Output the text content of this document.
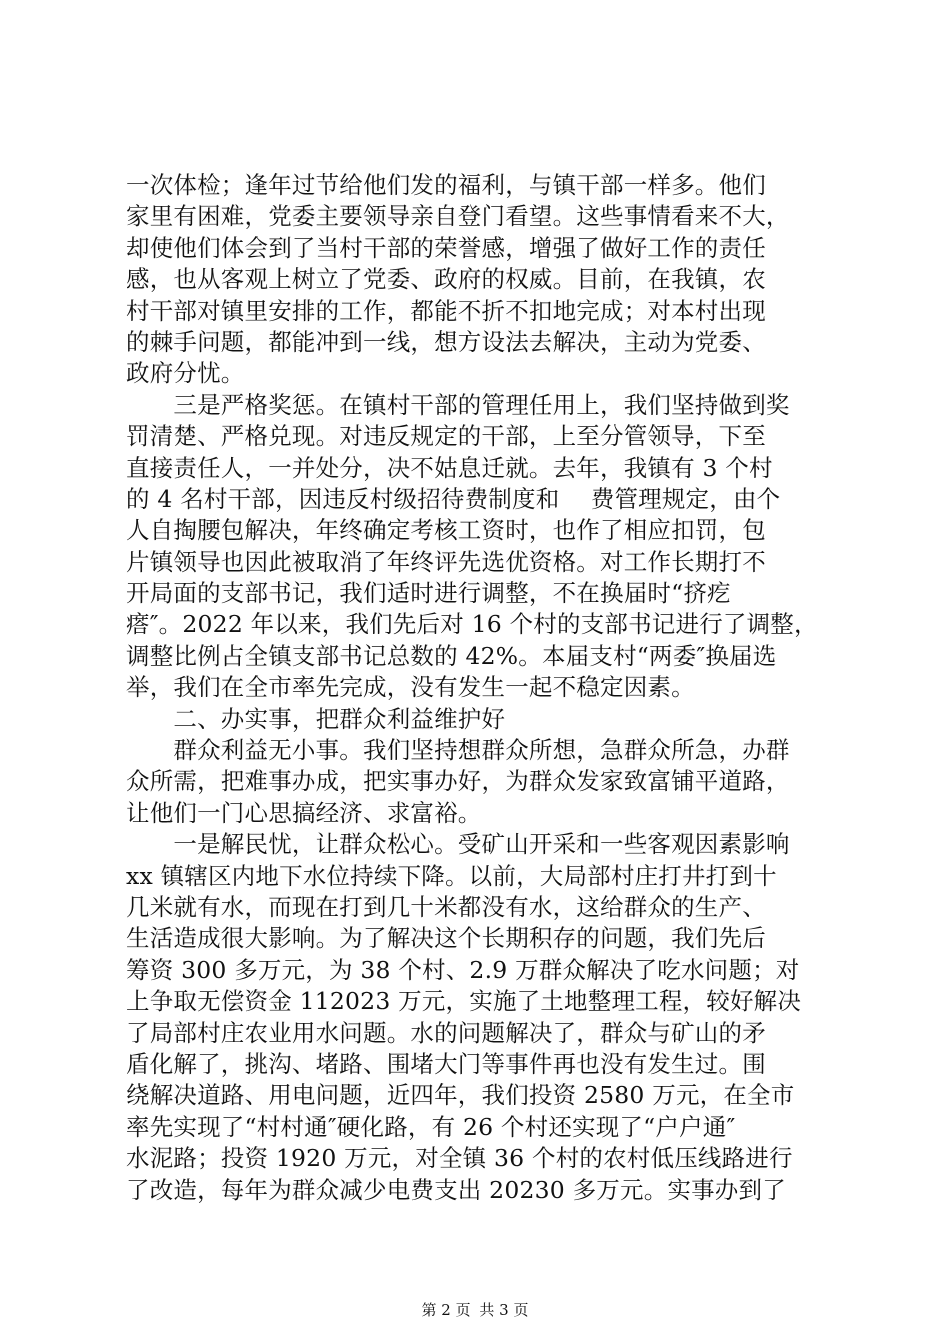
一次体检；逢年过节给他们发的福利，与镇干部一样多。他们
家里有困难，党委主要领导亲自登门看望。这些事情看来不大，
却使他们体会到了当村干部的荣誉感，增强了做好工作的责任
感，也从客观上树立了党委、政府的权威。目前，在我镇，农
村干部对镇里安排的工作，都能不折不扣地完成；对本村出现
的棘手问题，都能冲到一线，想方设法去解决，主动为党委、
政府分忧。
　　三是严格奖惩。在镇村干部的管理任用上，我们坚持做到奖
罚清楚、严格兑现。对违反规定的干部，上至分管领导，下至
直接责任人，一并处分，决不姑息迁就。去年，我镇有 3 个村
的 4 名村干部，因违反村级招待费制度和　 费管理规定，由个
人自掏腰包解决，年终确定考核工资时，也作了相应扣罚，包
片镇领导也因此被取消了年终评先选优资格。对工作长期打不
开局面的支部书记，我们适时进行调整，不在换届时“挤疙
瘩″。2022 年以来，我们先后对 16 个村的支部书记进行了调整，
调整比例占全镇支部书记总数的 42%。本届支村“两委″换届选
举，我们在全市率先完成，没有发生一起不稳定因素。
　　二、办实事，把群众利益维护好
　　群众利益无小事。我们坚持想群众所想，急群众所急，办群
众所需，把难事办成，把实事办好，为群众发家致富铺平道路，
让他们一门心思搞经济、求富裕。
　　一是解民忧，让群众松心。受矿山开采和一些客观因素影响
xx 镇辖区内地下水位持续下降。以前，大局部村庄打井打到十
几米就有水，而现在打到几十米都没有水，这给群众的生产、
生活造成很大影响。为了解决这个长期积存的问题，我们先后
筹资 300 多万元，为 38 个村、2.9 万群众解决了吃水问题；对
上争取无偿资金 112023 万元，实施了土地整理工程，较好解决
了局部村庄农业用水问题。水的问题解决了，群众与矿山的矛
盾化解了，挑沟、堵路、围堵大门等事件再也没有发生过。围
绕解决道路、用电问题，近四年，我们投资 2580 万元，在全市
率先实现了“村村通″硬化路，有 26 个村还实现了“户户通″
水泥路；投资 1920 万元，对全镇 36 个村的农村低压线路进行
了改造，每年为群众减少电费支出 20230 多万元。实事办到了
第 2 页 共 3 页
